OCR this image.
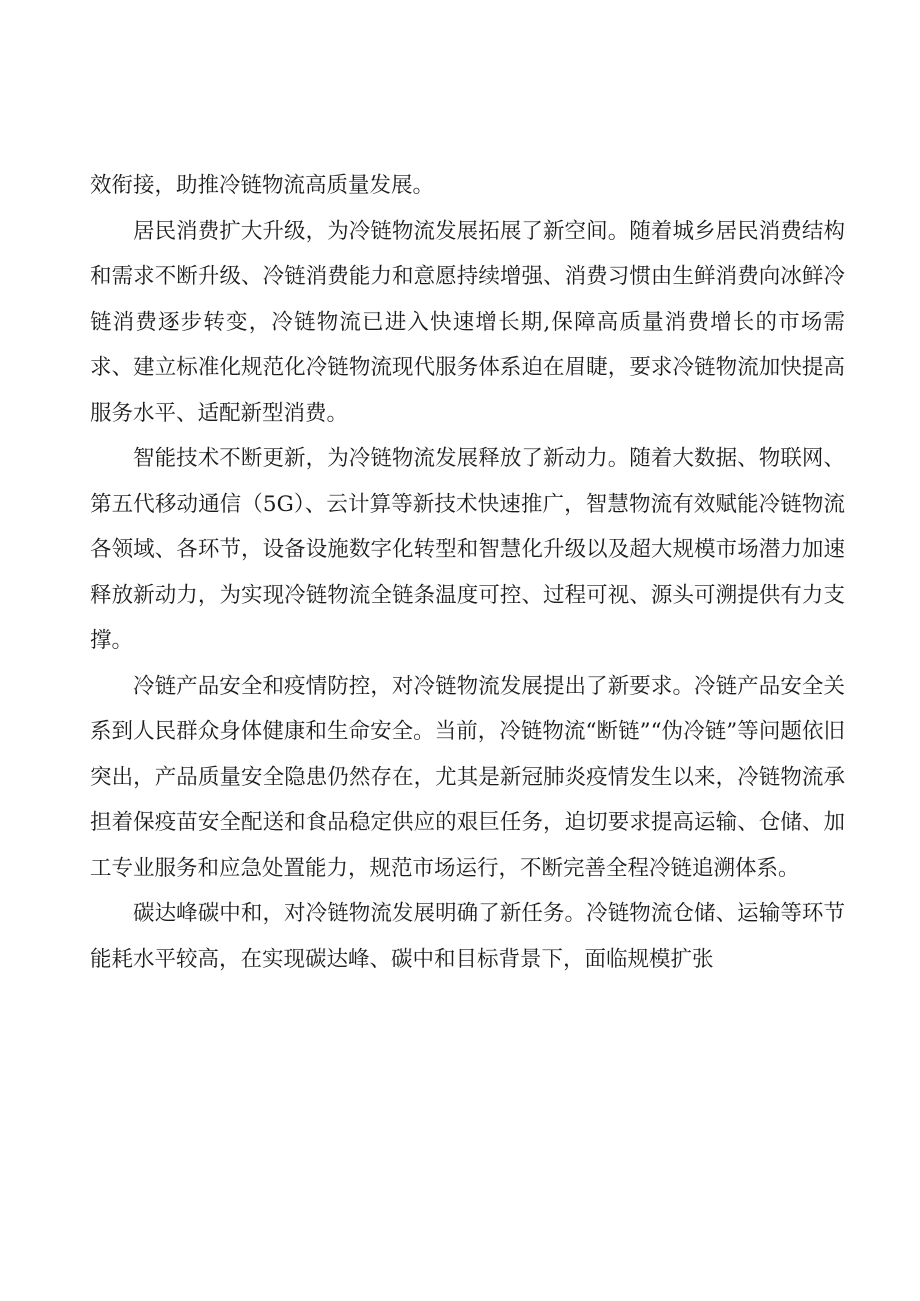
效衔接，助推冷链物流高质量发展。

居民消费扩大升级，为冷链物流发展拓展了新空间。随着城乡居民消费结构和需求不断升级、冷链消费能力和意愿持续增强、消费习惯由生鲜消费向冰鲜冷链消费逐步转变，冷链物流已进入快速增长期,保障高质量消费增长的市场需求、建立标准化规范化冷链物流现代服务体系迫在眉睫，要求冷链物流加快提高服务水平、适配新型消费。

智能技术不断更新，为冷链物流发展释放了新动力。随着大数据、物联网、第五代移动通信（5G）、云计算等新技术快速推广，智慧物流有效赋能冷链物流各领域、各环节，设备设施数字化转型和智慧化升级以及超大规模市场潜力加速释放新动力，为实现冷链物流全链条温度可控、过程可视、源头可溯提供有力支撑。

冷链产品安全和疫情防控，对冷链物流发展提出了新要求。冷链产品安全关系到人民群众身体健康和生命安全。当前，冷链物流“断链”“伪冷链”等问题依旧突出，产品质量安全隐患仍然存在，尤其是新冠肺炎疫情发生以来，冷链物流承担着保疫苗安全配送和食品稳定供应的艰巨任务，迫切要求提高运输、仓储、加工专业服务和应急处置能力，规范市场运行，不断完善全程冷链追溯体系。

碳达峰碳中和，对冷链物流发展明确了新任务。冷链物流仓储、运输等环节能耗水平较高，在实现碳达峰、碳中和目标背景下，面临规模扩张
